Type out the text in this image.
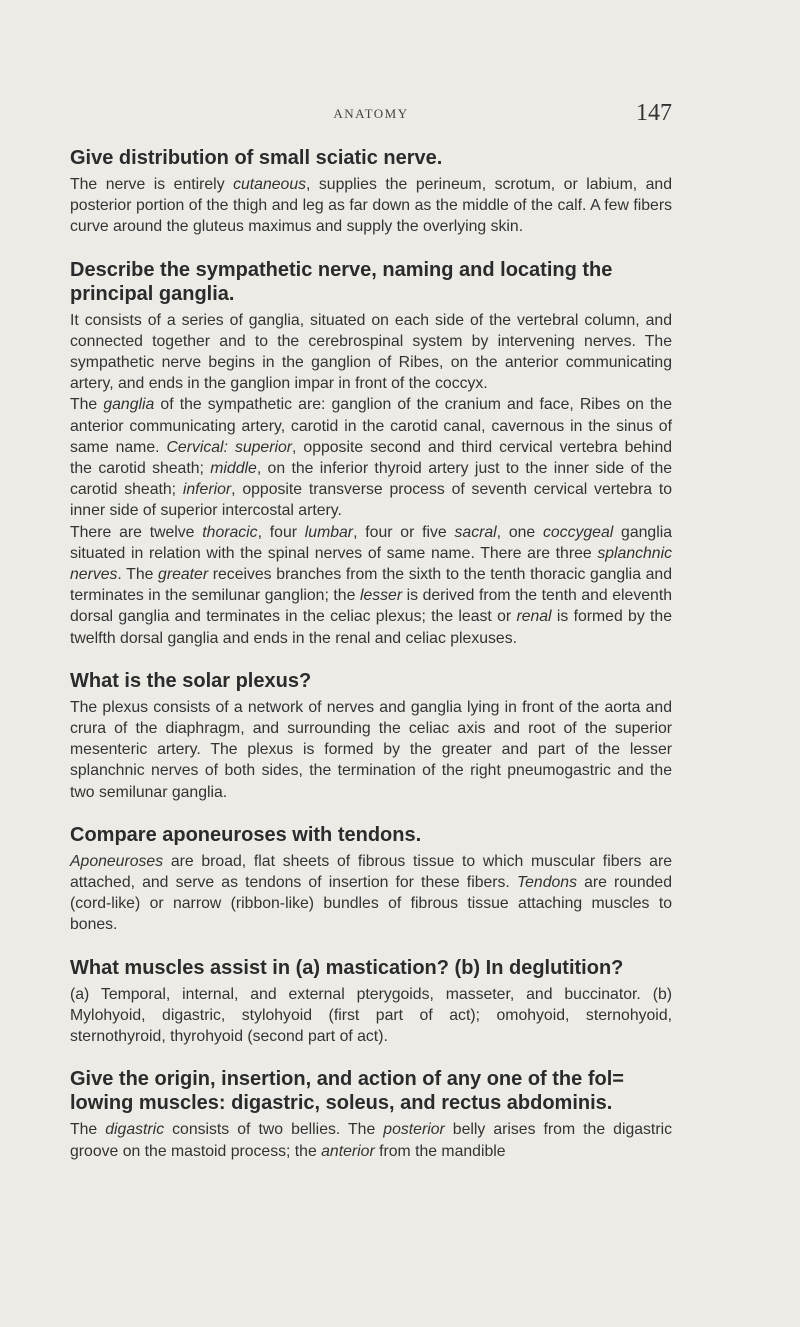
ANATOMY	147
Give distribution of small sciatic nerve.

The nerve is entirely cutaneous, supplies the perineum, scrotum, or labium, and posterior portion of the thigh and leg as far down as the middle of the calf. A few fibers curve around the gluteus maximus and supply the overlying skin.

Describe the sympathetic nerve, naming and locating the principal ganglia.

It consists of a series of ganglia, situated on each side of the vertebral column, and connected together and to the cerebrospinal system by intervening nerves. The sympathetic nerve begins in the ganglion of Ribes, on the anterior communicating artery, and ends in the ganglion impar in front of the coccyx.

The ganglia of the sympathetic are: ganglion of the cranium and face, Ribes on the anterior communicating artery, carotid in the carotid canal, cavernous in the sinus of same name. Cervical: superior, opposite second and third cervical vertebra behind the carotid sheath; middle, on the inferior thyroid artery just to the inner side of the carotid sheath; inferior, opposite transverse process of seventh cervical vertebra to inner side of superior intercostal artery.

There are twelve thoracic, four lumbar, four or five sacral, one coccygeal ganglia situated in relation with the spinal nerves of same name. There are three splanchnic nerves. The greater receives branches from the sixth to the tenth thoracic ganglia and terminates in the semilunar ganglion; the lesser is derived from the tenth and eleventh dorsal ganglia and terminates in the celiac plexus; the least or renal is formed by the twelfth dorsal ganglia and ends in the renal and celiac plexuses.

What is the solar plexus?

The plexus consists of a network of nerves and ganglia lying in front of the aorta and crura of the diaphragm, and surrounding the celiac axis and root of the superior mesenteric artery. The plexus is formed by the greater and part of the lesser splanchnic nerves of both sides, the termination of the right pneumogastric and the two semilunar ganglia.

Compare aponeuroses with tendons.

Aponeuroses are broad, flat sheets of fibrous tissue to which muscular fibers are attached, and serve as tendons of insertion for these fibers. Tendons are rounded (cord-like) or narrow (ribbon-like) bundles of fibrous tissue attaching muscles to bones.

What muscles assist in (a) mastication? (b) In deglutition?

(a) Temporal, internal, and external pterygoids, masseter, and buccinator. (b) Mylohyoid, digastric, stylohyoid (first part of act); omohyoid, sternohyoid, sternothyroid, thyrohyoid (second part of act).

Give the origin, insertion, and action of any one of the fol= lowing muscles: digastric, soleus, and rectus abdominis.

The digastric consists of two bellies. The posterior belly arises from the digastric groove on the mastoid process; the anterior from the mandible
